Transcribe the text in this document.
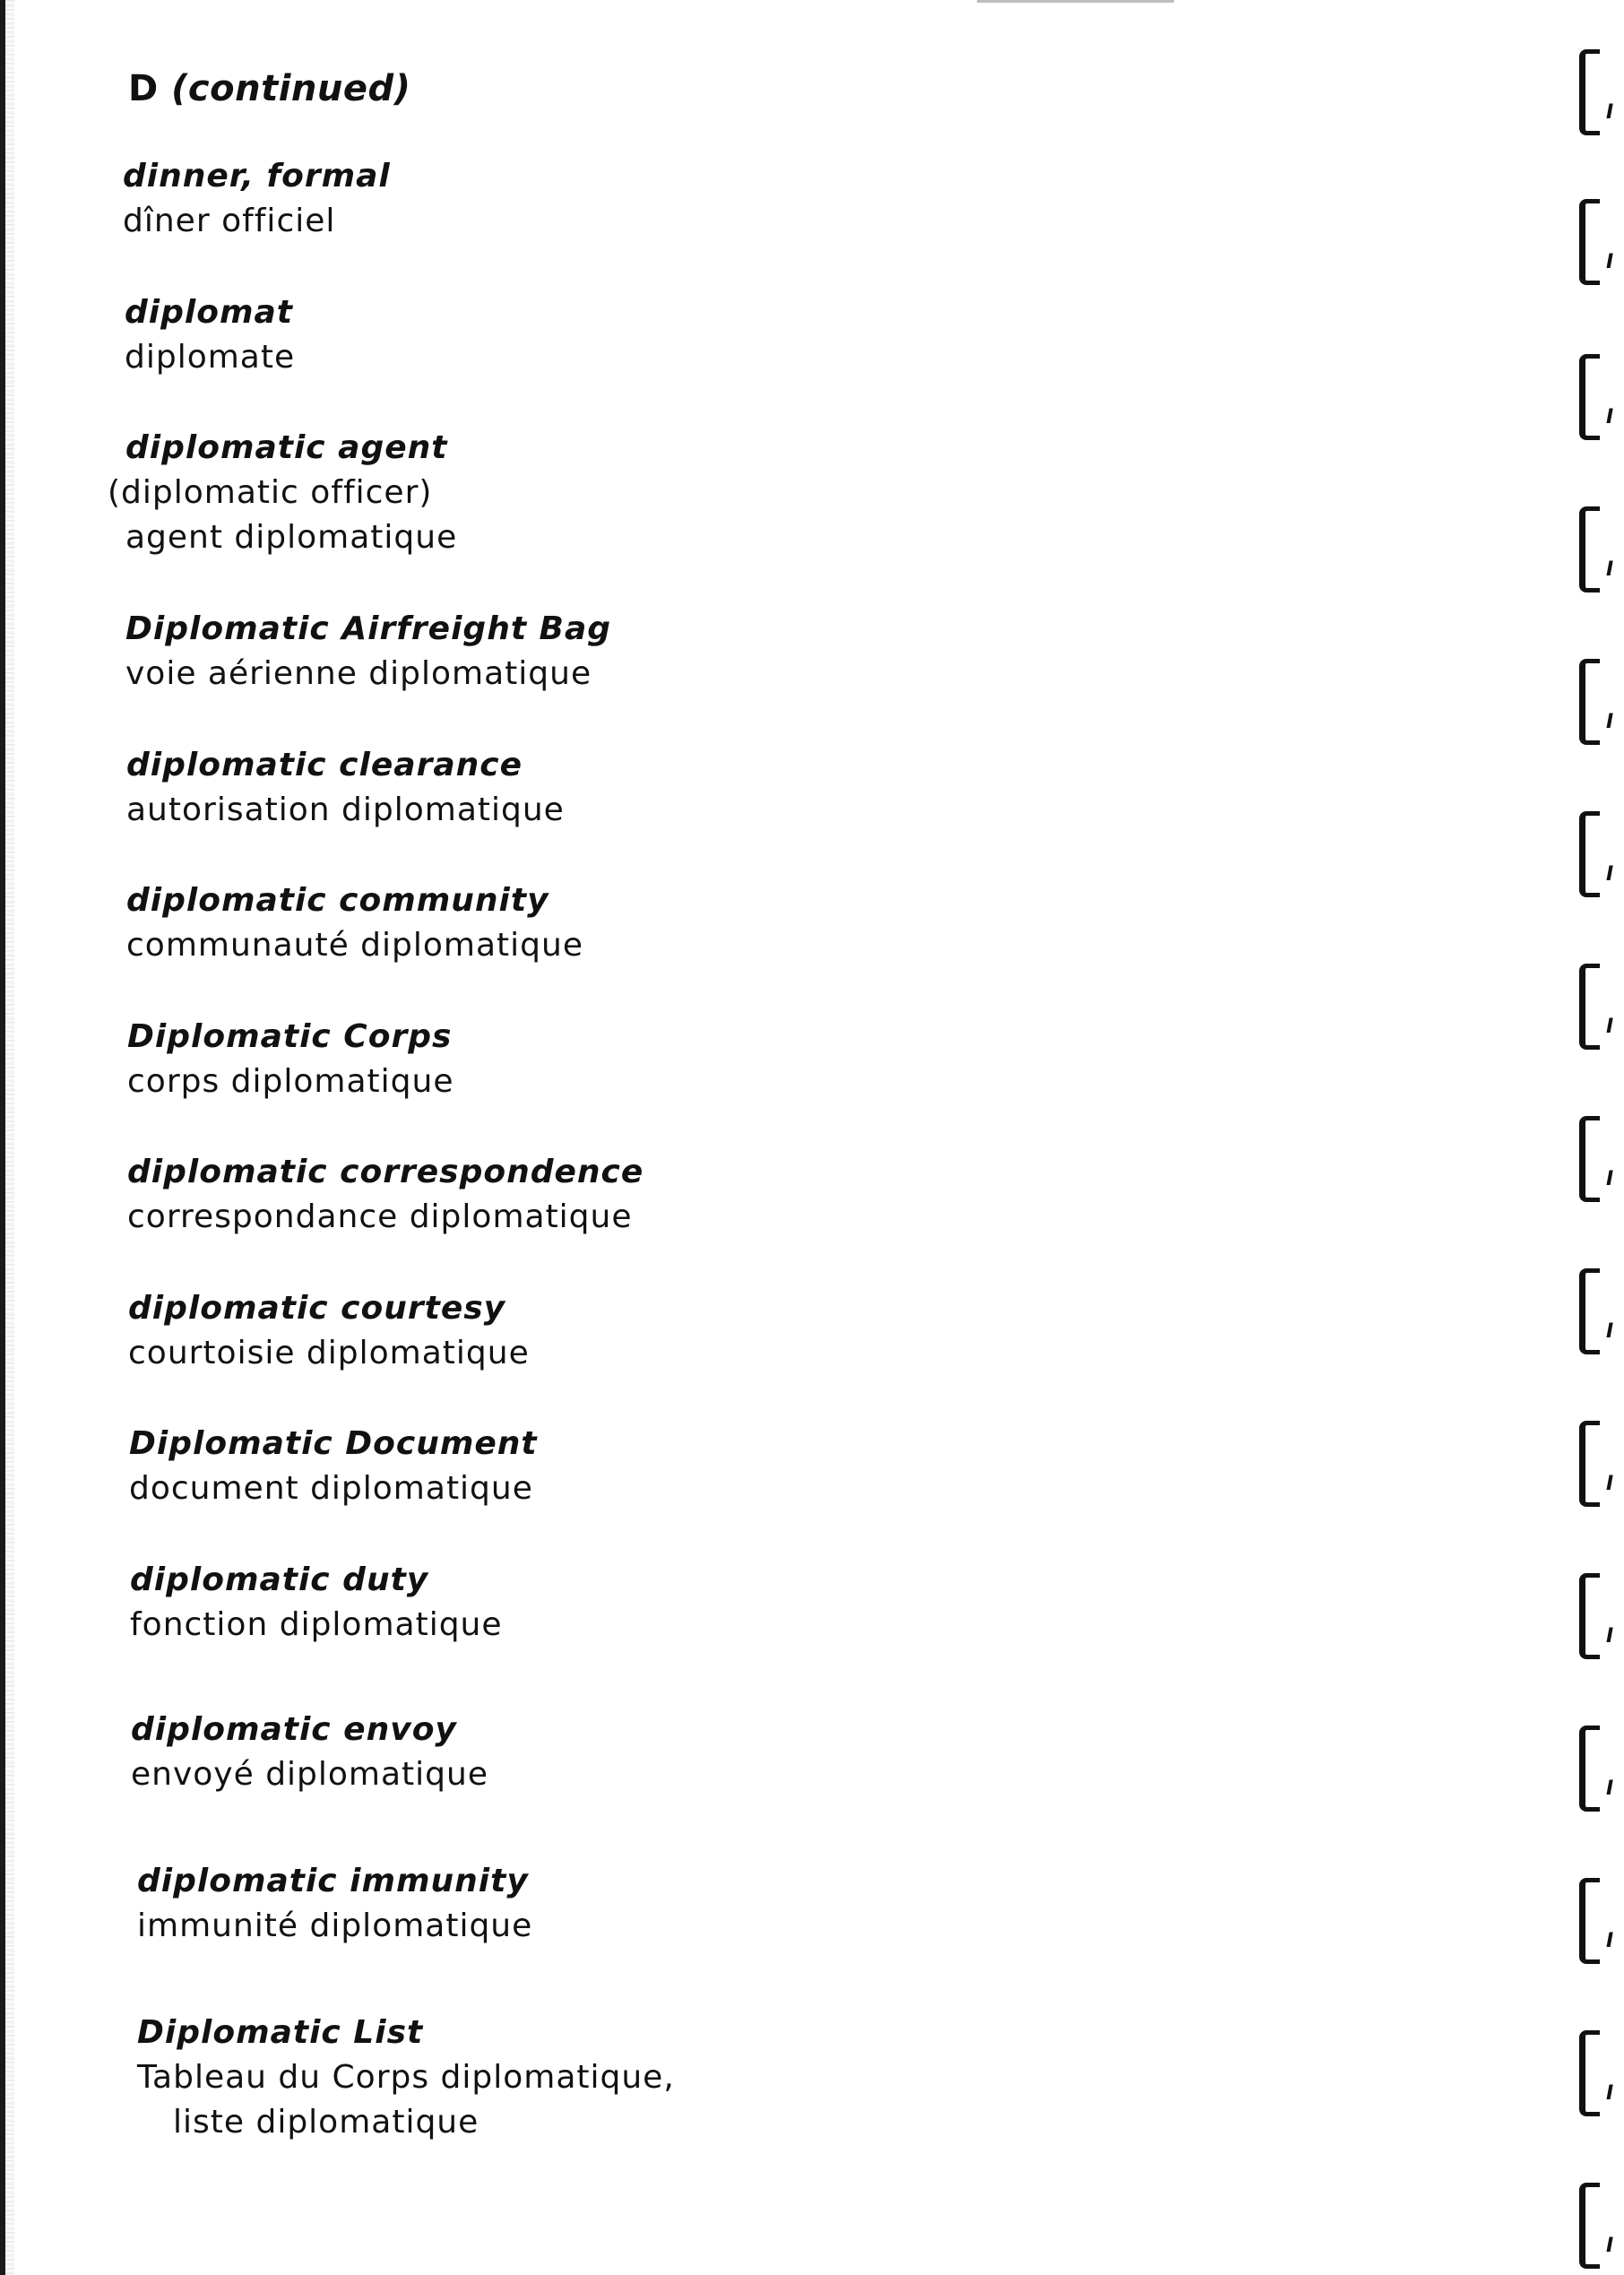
D (continued)
dinner, formal
dîner officiel
diplomat
diplomate
diplomatic agent
(diplomatic officer)
agent diplomatique
Diplomatic Airfreight Bag
voie aérienne diplomatique
diplomatic clearance
autorisation diplomatique
diplomatic community
communauté diplomatique
Diplomatic Corps
corps diplomatique
diplomatic correspondence
correspondance diplomatique
diplomatic courtesy
courtoisie diplomatique
Diplomatic Document
document diplomatique
diplomatic duty
fonction diplomatique
diplomatic envoy
envoyé diplomatique
diplomatic immunity
immunité diplomatique
Diplomatic List
Tableau du Corps diplomatique,
liste diplomatique
I
I
I
I
I
I
I
I
I
I
I
I
I
I
I
